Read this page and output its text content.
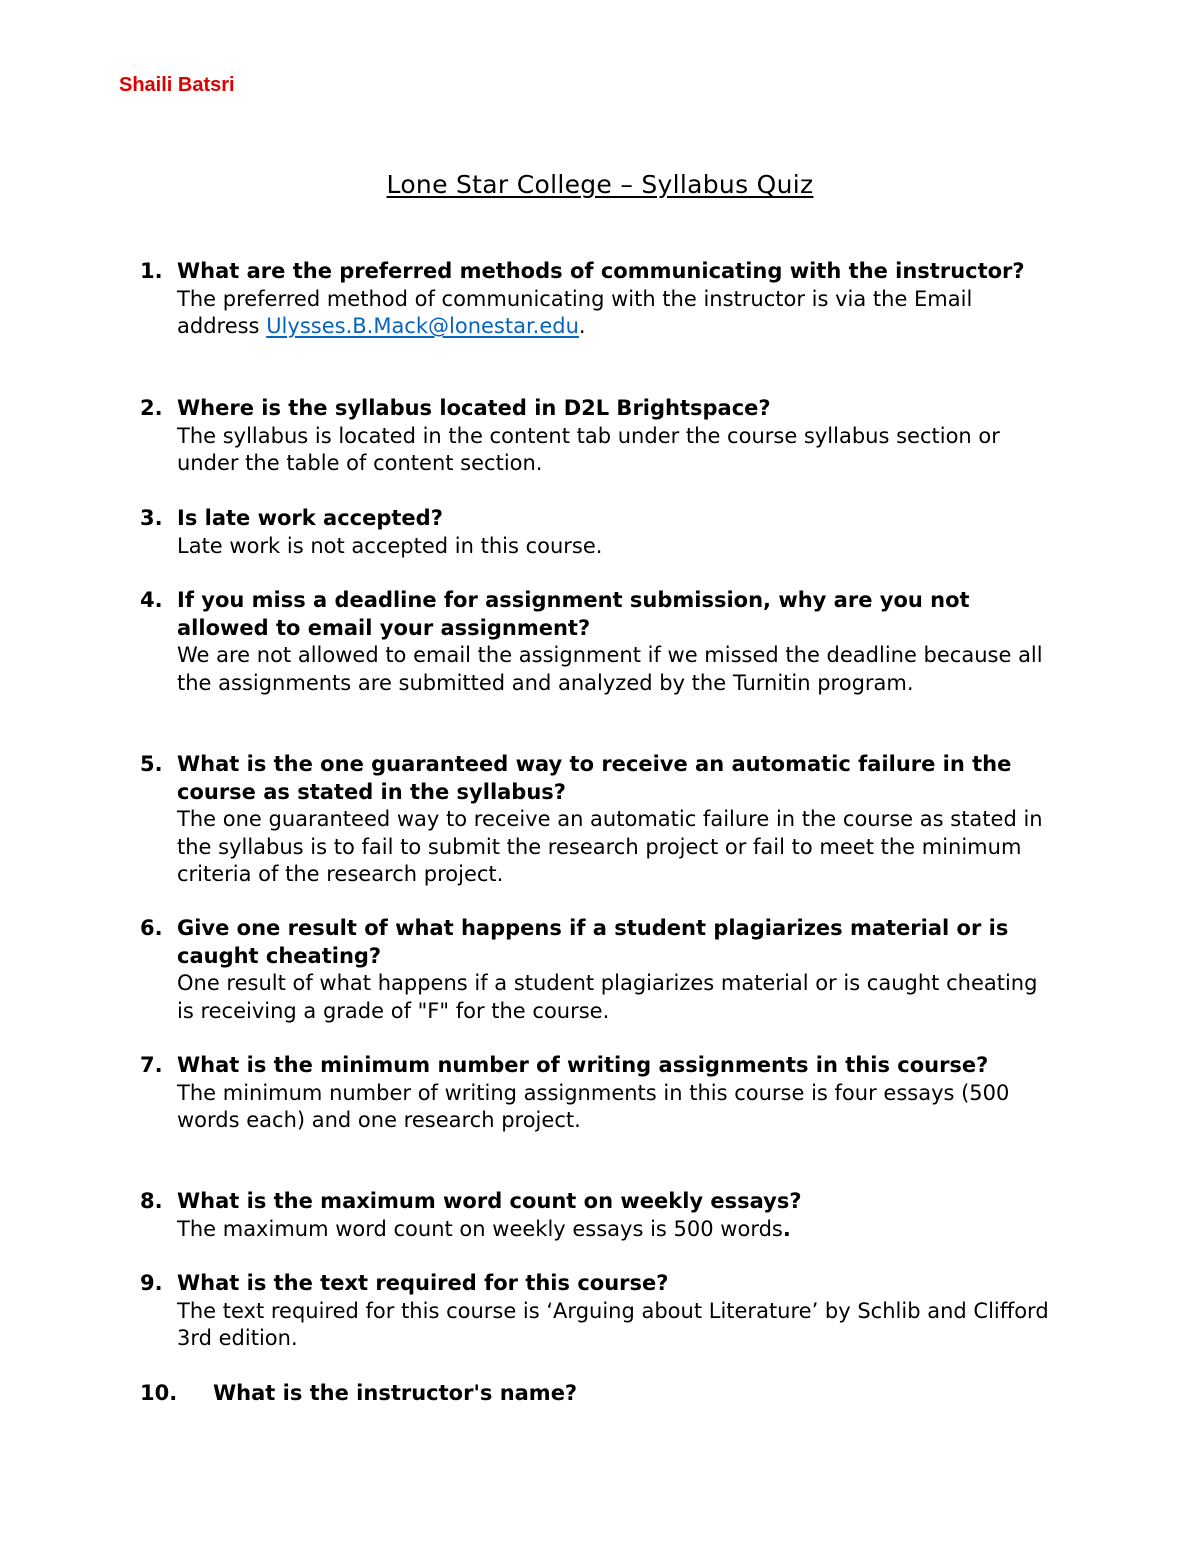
Shaili Batsri
Lone Star College – Syllabus Quiz
1. What are the preferred methods of communicating with the instructor?
The preferred method of communicating with the instructor is via the Email address Ulysses.B.Mack@lonestar.edu.
2. Where is the syllabus located in D2L Brightspace?
The syllabus is located in the content tab under the course syllabus section or under the table of content section.
3. Is late work accepted?
Late work is not accepted in this course.
4. If you miss a deadline for assignment submission, why are you not allowed to email your assignment?
We are not allowed to email the assignment if we missed the deadline because all the assignments are submitted and analyzed by the Turnitin program.
5. What is the one guaranteed way to receive an automatic failure in the course as stated in the syllabus?
The one guaranteed way to receive an automatic failure in the course as stated in the syllabus is to fail to submit the research project or fail to meet the minimum criteria of the research project.
6. Give one result of what happens if a student plagiarizes material or is caught cheating?
One result of what happens if a student plagiarizes material or is caught cheating is receiving a grade of "F" for the course.
7. What is the minimum number of writing assignments in this course?
The minimum number of writing assignments in this course is four essays (500 words each) and one research project.
8. What is the maximum word count on weekly essays?
The maximum word count on weekly essays is 500 words.
9. What is the text required for this course?
The text required for this course is ‘Arguing about Literature’ by Schlib and Clifford 3rd edition.
10. What is the instructor's name?
